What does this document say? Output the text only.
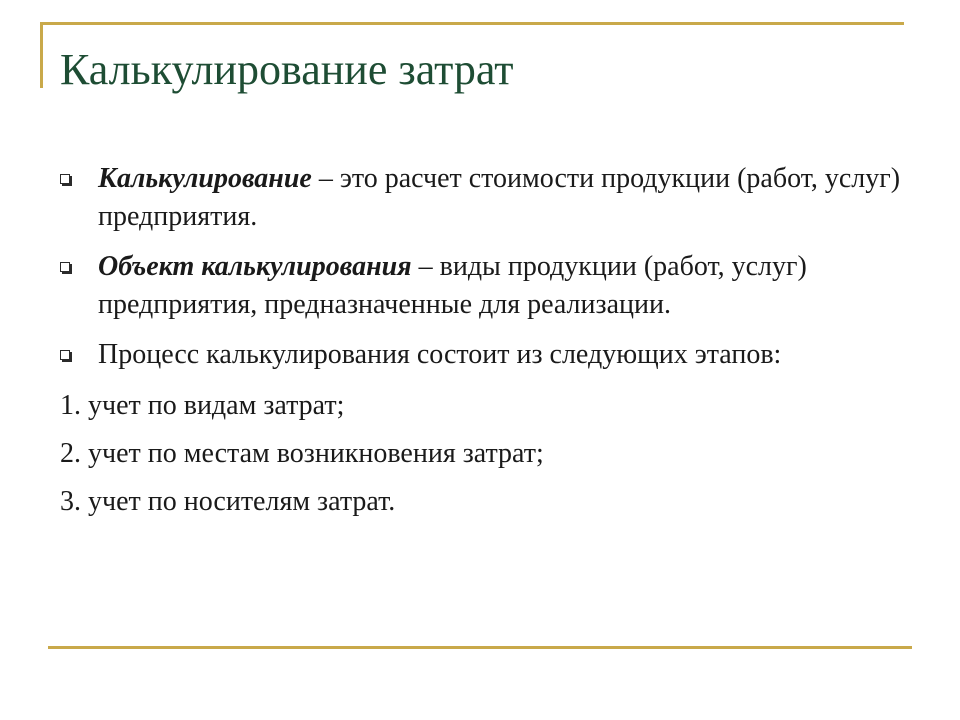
Калькулирование затрат
Калькулирование – это расчет стоимости продукции (работ, услуг) предприятия.
Объект калькулирования – виды продукции (работ, услуг) предприятия, предназначенные для реализации.
Процесс калькулирования состоит из следующих этапов:
1. учет по видам затрат;
2. учет по местам возникновения затрат;
3. учет по носителям затрат.
